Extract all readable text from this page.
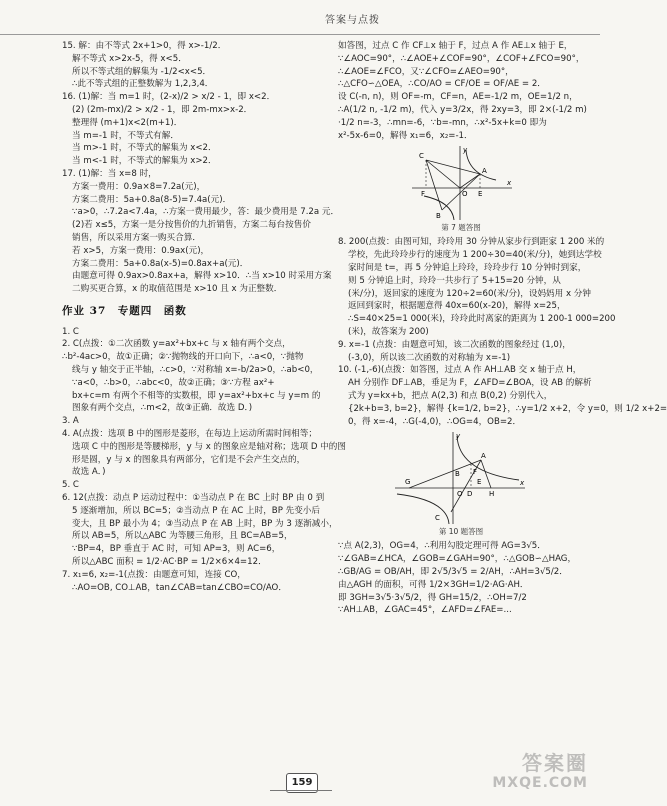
答案与点拨
15. 解：由不等式 2x+1>0，得 x>-1/2．
解不等式 x>2x-5，得 x<5．
所以不等式组的解集为 -1/2<x<5．
∴此不等式组的正整数解为 1,2,3,4．
16. (1)解：当 m=1 时，(2-x)/2 > x/2 - 1，即 x<2．
(2) (2m-mx)/2 > x/2 - 1，即 2m-mx>x-2．
整理得 (m+1)x<2(m+1)．
当 m=-1 时，不等式有解．
当 m>-1 时，不等式的解集为 x<2．
当 m<-1 时，不等式的解集为 x>2．
17. (1)解：当 x=8 时，
方案一费用：0.9a×8=7.2a(元)，
方案二费用：5a+0.8a(8-5)=7.4a(元)．
∵a>0，∴7.2a<7.4a，∴方案一费用最少，答：最少费用是 7.2a 元．
(2)若 x≤5，方案一是分按售价的九折销售，方案二每台按售价
销售，所以采用方案一购买合算．
若 x>5，方案一费用：0.9ax(元)，
方案二费用：5a+0.8a(x-5)=0.8ax+a(元)．
由题意可得 0.9ax>0.8ax+a，解得 x>10．∴当 x>10 时采用方案
二购买更合算，x 的取值范围是 x>10 且 x 为正整数．
作业 37　专题四　函数
1. C
2. C(点拨：①二次函数 y=ax²+bx+c 与 x 轴有两个交点，
∴b²-4ac>0，故①正确；②∵抛物线的开口向下，∴a<0，∵抛物
线与 y 轴交于正半轴，∴c>0，∵对称轴 x=-b/2a>0，∴ab<0，
∵a<0，∴b>0，∴abc<0，故②正确；③∵方程 ax²+
bx+c=m 有两个不相等的实数根，即 y=ax²+bx+c 与 y=m 的
图象有两个交点，∴m<2，故③正确．故选 D．)
3. A
4. A(点拨：选项 B 中的图形是菱形，在每边上运动所需时间相等；
选项 C 中的图形是等腰梯形，y 与 x 的图象应是轴对称；选项 D 中的图
形是圆，y 与 x 的图象具有两部分，它们是不会产生交点的，
故选 A．)
5. C
6. 12(点拨：动点 P 运动过程中：①当动点 P 在 BC 上时 BP 由 0 到
5 逐渐增加，所以 BC=5；②当动点 P 在 AC 上时，BP 先变小后
变大，且 BP 最小为 4；③当动点 P 在 AB 上时，BP 为 3 逐渐减小，
所以 AB=5，所以△ABC 为等腰三角形，且 BC=AB=5，
∵BP=4，BP 垂直于 AC 时，可知 AP=3，则 AC=6，
所以△ABC 面积 = 1/2·AC·BP = 1/2×6×4=12．
7. x₁=6, x₂=-1(点拨：由题意可知，连接 CO，
∴AO=OB, CO⊥AB，tan∠CAB=tan∠CBO=CO/AO．
如答图，过点 C 作 CF⊥x 轴于 F，过点 A 作 AE⊥x 轴于 E，
∵∠AOC=90°，∴∠AOE+∠COF=90°，∠COF+∠FCO=90°，
∴∠AOE=∠FCO，又∵∠CFO=∠AEO=90°，
∴△CFO∽△OEA，∴CO/AO = CF/OE = OF/AE = 2．
设 C(-n, n)，则 OF=-m，CF=n，AE=-1/2 m，OE=1/2 n，
∴A(1/2 n, -1/2 m)，代入 y=3/2x，得 2xy=3，即 2×(-1/2 m)
·1/2 n=-3，∴mn=-6，∵b=-mn，∴x²-5x+k=0 即为
x²-5x-6=0，解得 x₁=6，x₂=-1．
C
A
B
F	O E
x
y
第 7 题答图
8. 200(点拨：由图可知，玲玲用 30 分钟从家步行到距家 1 200 米的
学校，先此玲玲步行的速度为 1 200÷30=40(米/分)，她到达学校
家时间是 t=，再 5 分钟追上玲玲，玲玲步行 10 分钟时到家，
则 5 分钟追上时，玲玲一共步行了 5+15=20 分钟，从
(米/分)，返回家的速度为 120÷2=60(米/分)，设妈妈用 x 分钟
返回到家时，根据题意得 40x=60(x-20)，解得 x=25，
∴S=40×25=1 000(米)，玲玲此时离家的距离为 1 200-1 000=200
(米)，故答案为 200)
9. x=-1 (点拨：由题意可知，该二次函数的图象经过 (1,0)，
(-3,0)，所以该二次函数的对称轴为 x=-1)
10. (-1,-6)(点拨：如答图，过点 A 作 AH⊥AB 交 x 轴于点 H，
AH 分别作 DF⊥AB，垂足为 F，∠AFD=∠BOA，设 AB 的解析
式为 y=kx+b，把点 A(2,3) 和点 B(0,2) 分别代入，
{2k+b=3, b=2}，解得 {k=1/2, b=2}，∴y=1/2 x+2，令 y=0，则 1/2 x+2=
0，得 x=-4，∴G(-4,0)，∴OG=4，OB=2．
A
B
C
F
D H
G
O
E	x
y
第 10 题答图
∵点 A(2,3)，OG=4，∴利用勾股定理可得 AG=3√5．
∵∠GAB=∠HCA，∠GOB=∠GAH=90°，∴△GOB∽△HAG，
∴GB/AG = OB/AH，即 2√5/3√5 = 2/AH，∴AH=3√5/2．
由△AGH 的面积，可得 1/2×3GH=1/2·AG·AH．
即 3GH=3√5·3√5/2，得 GH=15/2，∴OH=7/2
∵AH⊥AB，∠GAC=45°，∠AFD=∠FAE=...
159
答案圈
MXQE.COM
